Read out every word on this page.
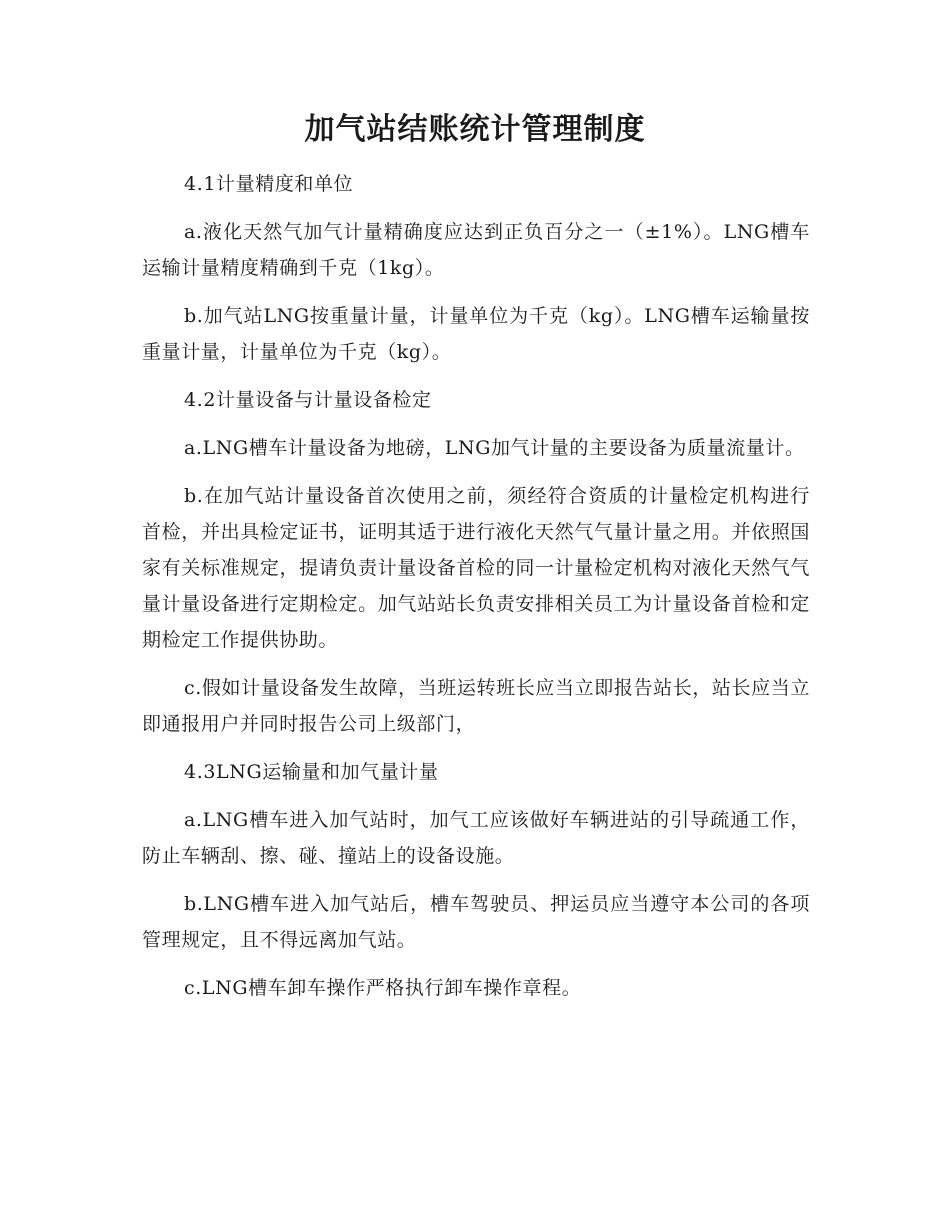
加气站结账统计管理制度

4.1计量精度和单位

a.液化天然气加气计量精确度应达到正负百分之一（±1%）。LNG槽车运输计量精度精确到千克（1kg）。

b.加气站LNG按重量计量，计量单位为千克（kg）。LNG槽车运输量按重量计量，计量单位为千克（kg）。

4.2计量设备与计量设备检定

a.LNG槽车计量设备为地磅，LNG加气计量的主要设备为质量流量计。

b.在加气站计量设备首次使用之前，须经符合资质的计量检定机构进行首检，并出具检定证书，证明其适于进行液化天然气气量计量之用。并依照国家有关标准规定，提请负责计量设备首检的同一计量检定机构对液化天然气气量计量设备进行定期检定。加气站站长负责安排相关员工为计量设备首检和定期检定工作提供协助。

c.假如计量设备发生故障，当班运转班长应当立即报告站长，站长应当立即通报用户并同时报告公司上级部门，

4.3LNG运输量和加气量计量

a.LNG槽车进入加气站时，加气工应该做好车辆进站的引导疏通工作，防止车辆刮、擦、碰、撞站上的设备设施。

b.LNG槽车进入加气站后，槽车驾驶员、押运员应当遵守本公司的各项管理规定，且不得远离加气站。

c.LNG槽车卸车操作严格执行卸车操作章程。
